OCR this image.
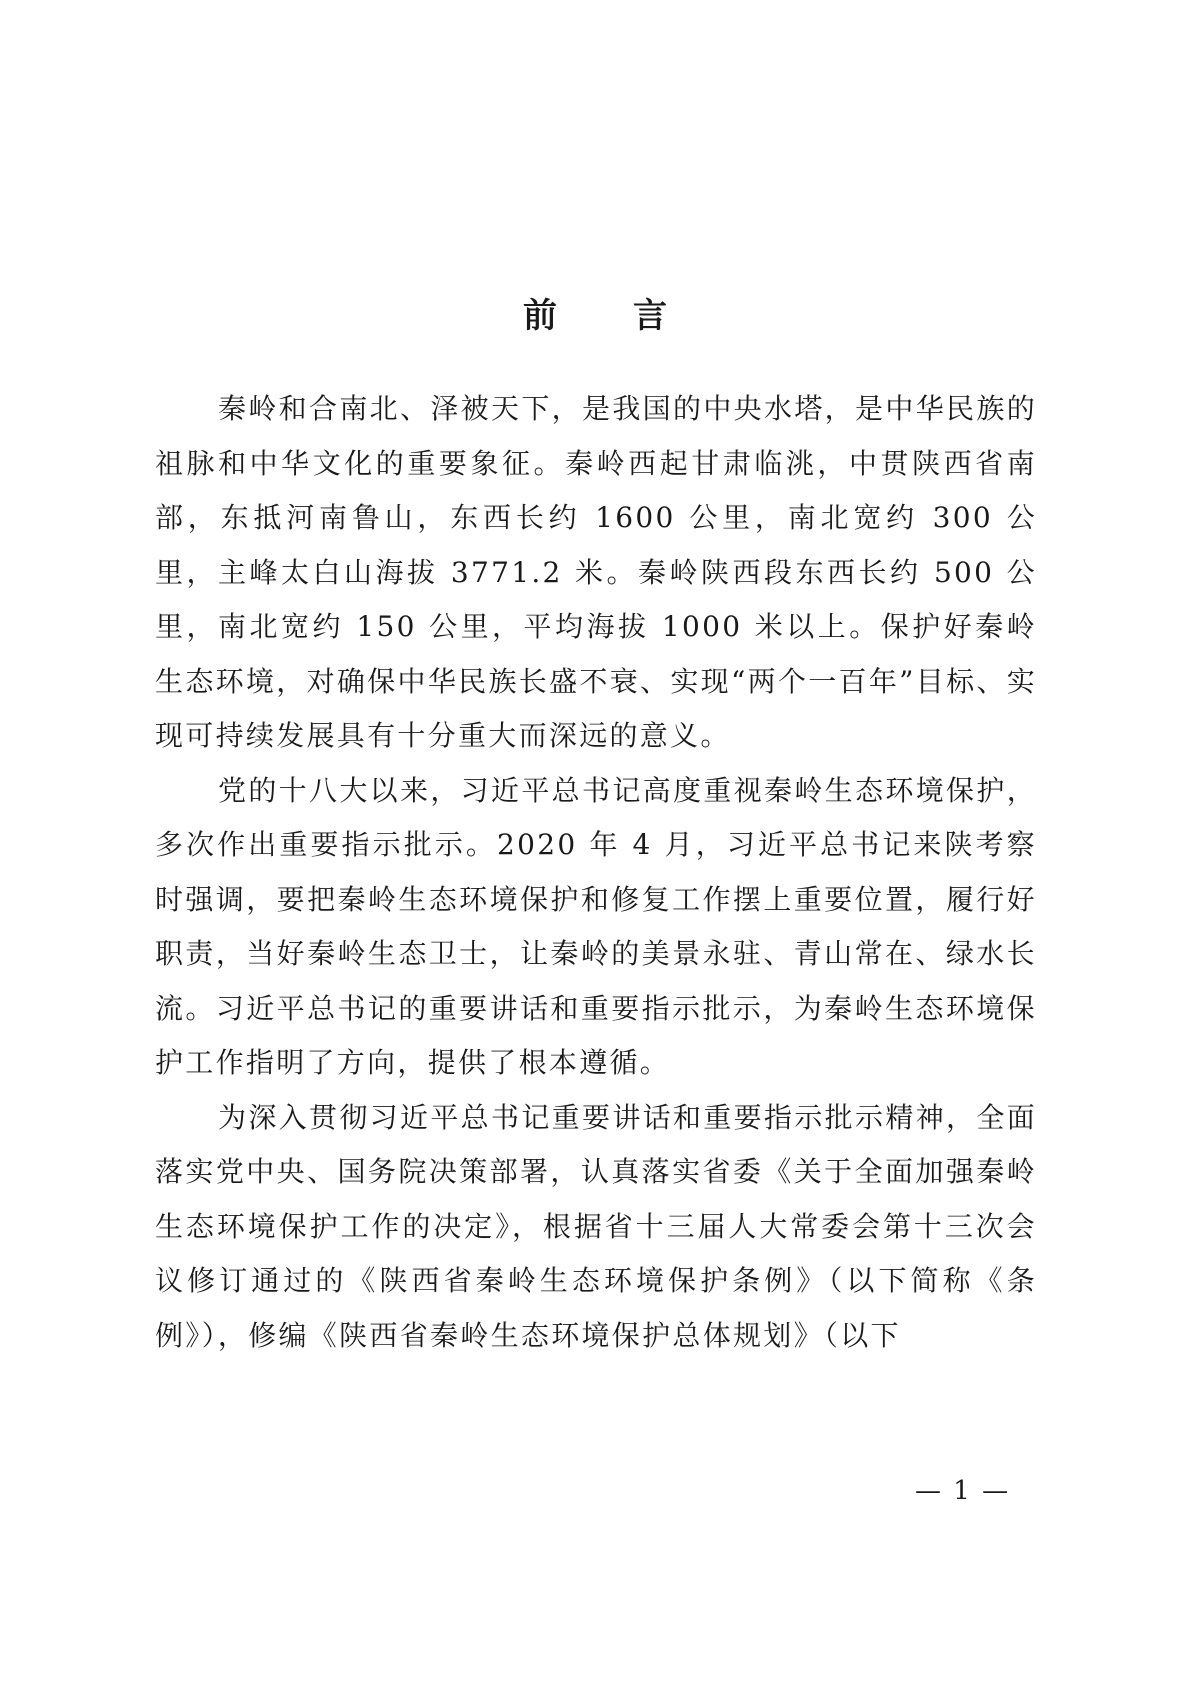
前言

秦岭和合南北、泽被天下，是我国的中央水塔，是中华民族的祖脉和中华文化的重要象征。秦岭西起甘肃临洮，中贯陕西省南部，东抵河南鲁山，东西长约 1600 公里，南北宽约 300 公里，主峰太白山海拔 3771.2 米。秦岭陕西段东西长约 500 公里，南北宽约 150 公里，平均海拔 1000 米以上。保护好秦岭生态环境，对确保中华民族长盛不衰、实现“两个一百年”目标、实现可持续发展具有十分重大而深远的意义。

党的十八大以来，习近平总书记高度重视秦岭生态环境保护，多次作出重要指示批示。2020 年 4 月，习近平总书记来陕考察时强调，要把秦岭生态环境保护和修复工作摆上重要位置，履行好职责，当好秦岭生态卫士，让秦岭的美景永驻、青山常在、绿水长流。习近平总书记的重要讲话和重要指示批示，为秦岭生态环境保护工作指明了方向，提供了根本遵循。

为深入贯彻习近平总书记重要讲话和重要指示批示精神，全面落实党中央、国务院决策部署，认真落实省委《关于全面加强秦岭生态环境保护工作的决定》，根据省十三届人大常委会第十三次会议修订通过的《陕西省秦岭生态环境保护条例》（以下简称《条例》），修编《陕西省秦岭生态环境保护总体规划》（以下

— 1 —
